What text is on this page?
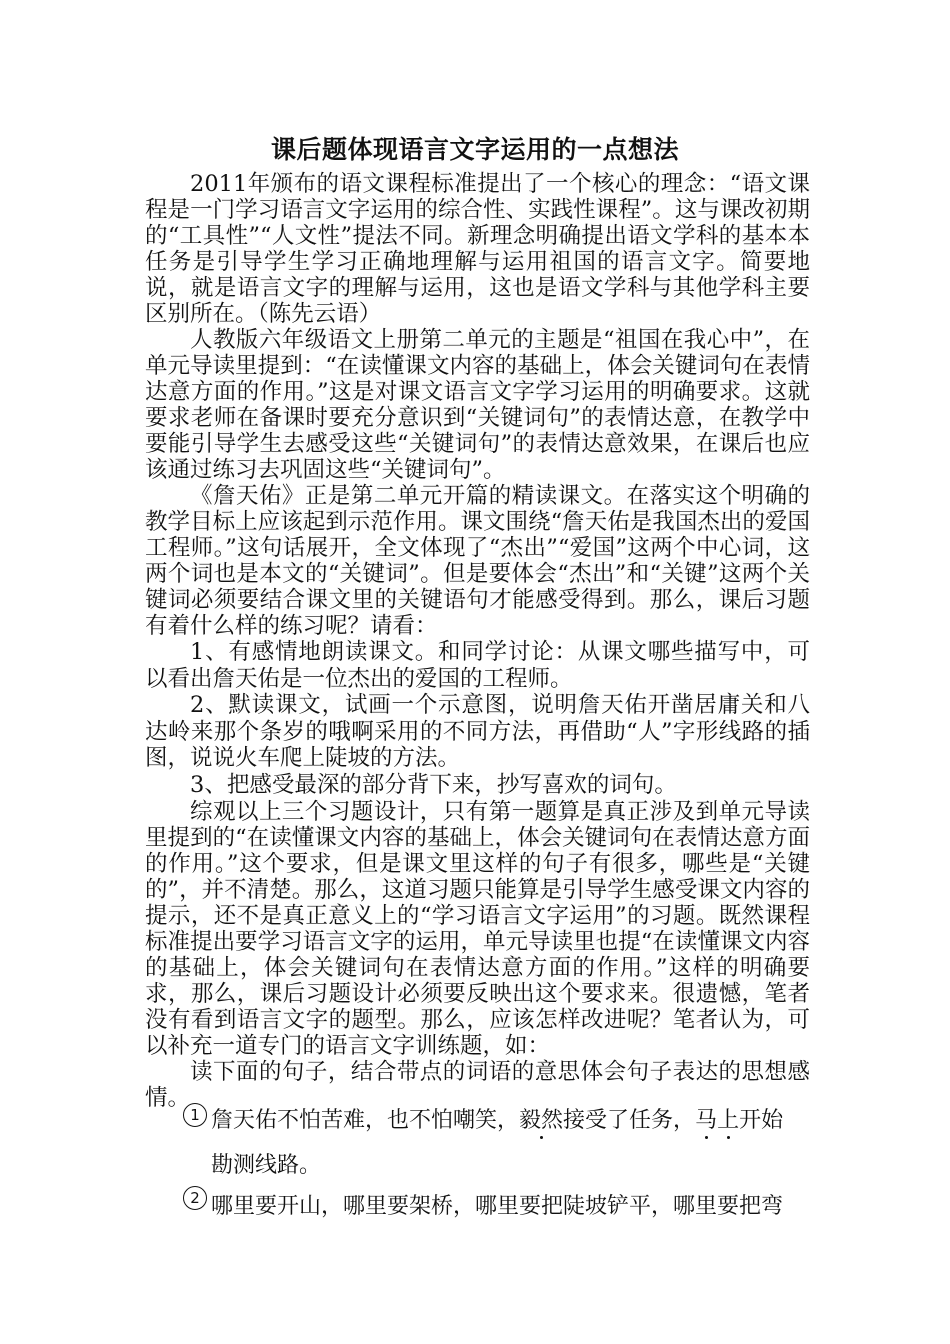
课后题体现语言文字运用的一点想法

2011年颁布的语文课程标准提出了一个核心的理念：“语文课程是一门学习语言文字运用的综合性、实践性课程”。这与课改初期的“工具性”“人文性”提法不同。新理念明确提出语文学科的基本本任务是引导学生学习正确地理解与运用祖国的语言文字。简要地说，就是语言文字的理解与运用，这也是语文学科与其他学科主要区别所在。（陈先云语）

人教版六年级语文上册第二单元的主题是“祖国在我心中”，在单元导读里提到：“在读懂课文内容的基础上，体会关键词句在表情达意方面的作用。”这是对课文语言文字学习运用的明确要求。这就要求老师在备课时要充分意识到“关键词句”的表情达意，在教学中要能引导学生去感受这些“关键词句”的表情达意效果，在课后也应该通过练习去巩固这些“关键词句”。

《詹天佑》正是第二单元开篇的精读课文。在落实这个明确的教学目标上应该起到示范作用。课文围绕“詹天佑是我国杰出的爱国工程师。”这句话展开，全文体现了“杰出”“爱国”这两个中心词，这两个词也是本文的“关键词”。但是要体会“杰出”和“关键”这两个关键词必须要结合课文里的关键语句才能感受得到。那么，课后习题有着什么样的练习呢？请看：

1、有感情地朗读课文。和同学讨论：从课文哪些描写中，可以看出詹天佑是一位杰出的爱国的工程师。

2、默读课文，试画一个示意图，说明詹天佑开凿居庸关和八达岭来那个条岁的哦啊采用的不同方法，再借助“人”字形线路的插图，说说火车爬上陡坡的方法。

3、把感受最深的部分背下来，抄写喜欢的词句。

综观以上三个习题设计，只有第一题算是真正涉及到单元导读里提到的“在读懂课文内容的基础上，体会关键词句在表情达意方面的作用。”这个要求，但是课文里这样的句子有很多，哪些是“关键的”，并不清楚。那么，这道习题只能算是引导学生感受课文内容的提示，还不是真正意义上的“学习语言文字运用”的习题。既然课程标准提出要学习语言文字的运用，单元导读里也提“在读懂课文内容的基础上，体会关键词句在表情达意方面的作用。”这样的明确要求，那么，课后习题设计必须要反映出这个要求来。很遗憾，笔者没有看到语言文字的题型。那么，应该怎样改进呢？笔者认为，可以补充一道专门的语言文字训练题，如：

读下面的句子，结合带点的词语的意思体会句子表达的思想感情。

1 詹天佑不怕苦难，也不怕嘲笑，毅然接受了任务，马上开始
勘测线路。
2 哪里要开山，哪里要架桥，哪里要把陡坡铲平，哪里要把弯
